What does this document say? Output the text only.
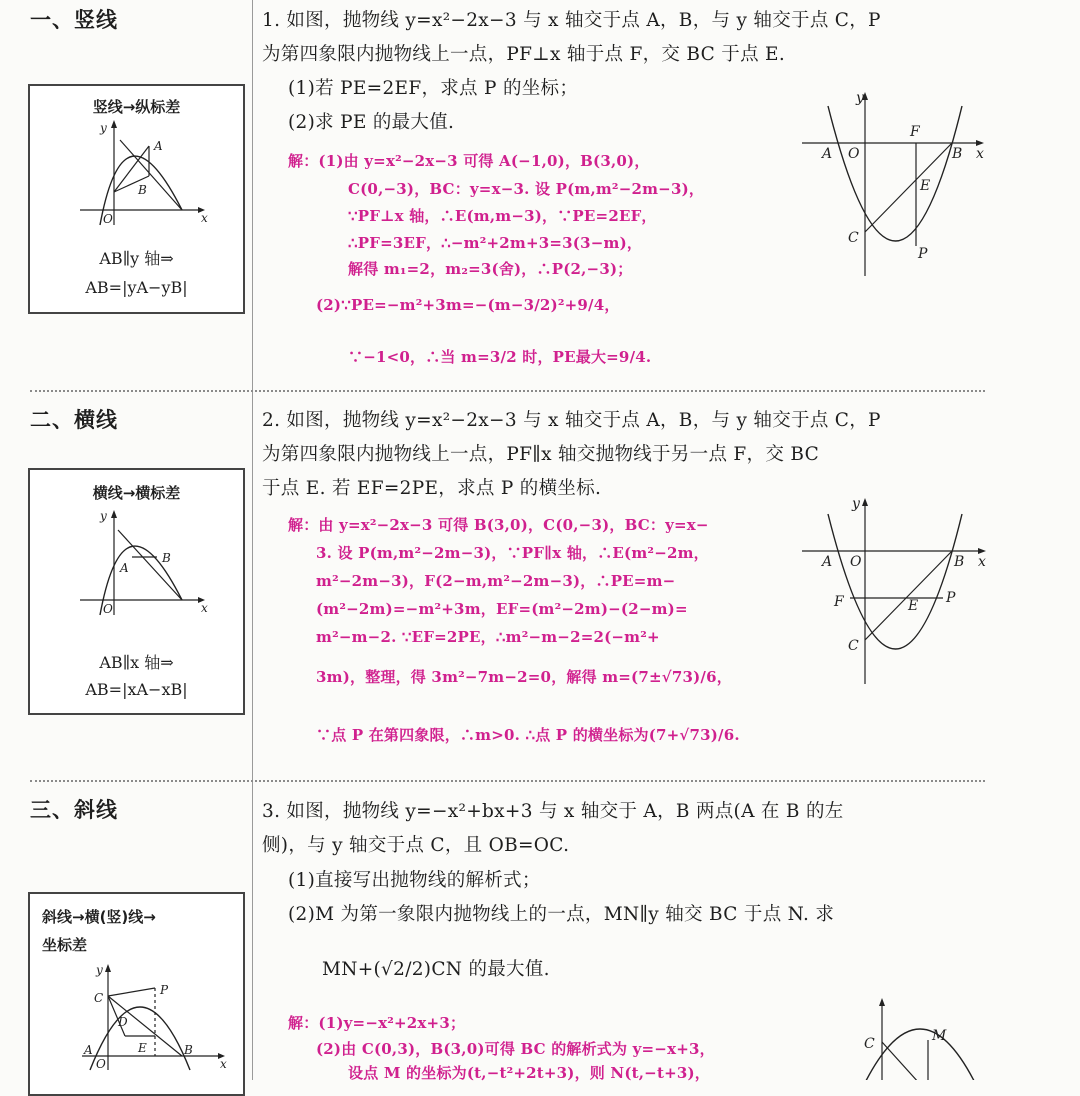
一、竖线
竖线→纵标差
y
x
O
A
B
AB∥y 轴⇒
AB=|yA−yB|
1. 如图，抛物线 y=x²−2x−3 与 x 轴交于点 A，B，与 y 轴交于点 C，P
为第四象限内抛物线上一点，PF⊥x 轴于点 F，交 BC 于点 E.
(1)若 PE=2EF，求点 P 的坐标；
(2)求 PE 的最大值.
解：(1)由 y=x²−2x−3 可得 A(−1,0)，B(3,0)，
C(0,−3)，BC：y=x−3. 设 P(m,m²−2m−3)，
∵PF⊥x 轴，∴E(m,m−3)，∵PE=2EF，
∴PF=3EF，∴−m²+2m+3=3(3−m)，
解得 m₁=2，m₂=3(舍)，∴P(2,−3)；
(2)∵PE=−m²+3m=−(m−3/2)²+9/4，
∵−1<0，∴当 m=3/2 时，PE最大=9/4.
y
x
A O	B
F
E
C
P
二、横线
横线→横标差
y
x
O
A
B
AB∥x 轴⇒
AB=|xA−xB|
2. 如图，抛物线 y=x²−2x−3 与 x 轴交于点 A，B，与 y 轴交于点 C，P
为第四象限内抛物线上一点，PF∥x 轴交抛物线于另一点 F，交 BC
于点 E. 若 EF=2PE，求点 P 的横坐标.
解：由 y=x²−2x−3 可得 B(3,0)，C(0,−3)，BC：y=x−
3. 设 P(m,m²−2m−3)，∵PF∥x 轴，∴E(m²−2m，
m²−2m−3)，F(2−m,m²−2m−3)，∴PE=m−
(m²−2m)=−m²+3m，EF=(m²−2m)−(2−m)=
m²−m−2. ∵EF=2PE，∴m²−m−2=2(−m²+
3m)，整理，得 3m²−7m−2=0，解得 m=(7±√73)/6，
∵点 P 在第四象限，∴m>0. ∴点 P 的横坐标为(7+√73)/6.
y
x
A O	B
F	E P
C
三、斜线
斜线→横(竖)线→
坐标差
y
x
O
A
C
P
D
E	B
3. 如图，抛物线 y=−x²+bx+3 与 x 轴交于 A，B 两点(A 在 B 的左
侧)，与 y 轴交于点 C，且 OB=OC.
(1)直接写出抛物线的解析式；
(2)M 为第一象限内抛物线上的一点，MN∥y 轴交 BC 于点 N. 求
MN+(√2/2)CN 的最大值.
解：(1)y=−x²+2x+3；
(2)由 C(0,3)，B(3,0)可得 BC 的解析式为 y=−x+3，
设点 M 的坐标为(t,−t²+2t+3)，则 N(t,−t+3)，
C	M
